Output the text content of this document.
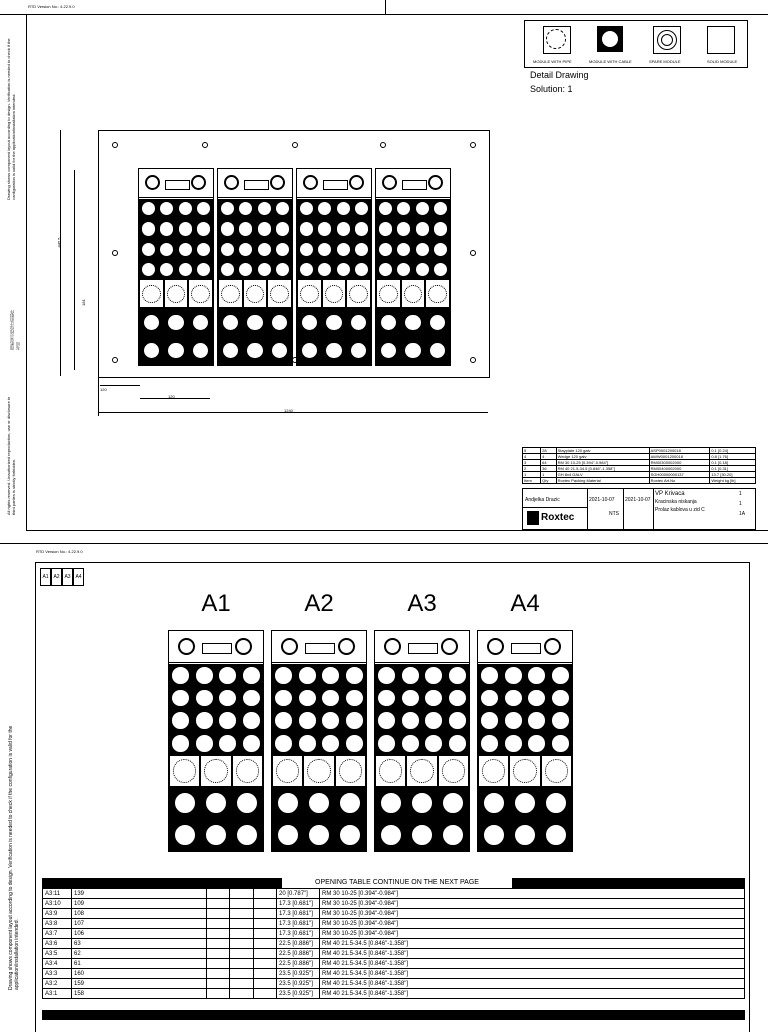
RTD Version No.: 4.22.9.0
Drawing shows component layout according to design. Verification is needed to check if the configuration is valid for the application/installation intended.
图纸显示按设计的组件布局
All rights reserved. Unauthorized reproduction, use or disclosure to third parties is strictly forbidden.
MODULE WITH PIPE	MODULE WITH CABLE	SPARE MODULE	SOLID MODULE
Detail Drawing
Solution: 1
1240
120
120
445.5
181
5	28	Stayplate 120 galv	ASP0001200018	0.1 [0.24]
4	4	Wedge 120 galv	AWW0001200018	0.8 [1.76]
3	64	RM 30 10-25 [0.394"-0.984"]	RM00300002000	0.1 [0.18]
2	36	RM 40 21.5-34.5 [0.846"-1.358"]	RM00400002000	0.1 [0.31]
1	1	GH 8x4 GALV	SGH00000000137	13.7 [30.20]
Item	Qty	Roxtec Packing Material	Roxtec Art.No	Weight kg [lb]
Andjelka Drazic	2021-10-07 2021-10-07
VP Krivaca
Kracinska niskanja
Prolaz kablova u zid C
NTS
1
1
1A
Roxtec
RTD Version No.: 4.22.9.0
A1 A2 A3 A4
Drawing shows component layout according to design. Verification is needed to check if the configuration is valid for the application/installation intended.
A1	A2	A3	A4
OPENING TABLE CONTINUE ON THE NEXT PAGE
A3:11	139				20 [0.787"]	RM 30 10-25 [0.394"-0.984"]
A3:10	109				17.3 [0.681"]	RM 30 10-25 [0.394"-0.984"]
A3:9	108				17.3 [0.681"]	RM 30 10-25 [0.394"-0.984"]
A3:8	107				17.3 [0.681"]	RM 30 10-25 [0.394"-0.984"]
A3:7	106				17.3 [0.681"]	RM 30 10-25 [0.394"-0.984"]
A3:6	63				22.5 [0.886"]	RM 40 21.5-34.5 [0.846"-1.358"]
A3:5	62				22.5 [0.886"]	RM 40 21.5-34.5 [0.846"-1.358"]
A3:4	61				22.5 [0.886"]	RM 40 21.5-34.5 [0.846"-1.358"]
A3:3	160				23.5 [0.925"]	RM 40 21.5-34.5 [0.846"-1.358"]
A3:2	159				23.5 [0.925"]	RM 40 21.5-34.5 [0.846"-1.358"]
A3:1	158				23.5 [0.925"]	RM 40 21.5-34.5 [0.846"-1.358"]
